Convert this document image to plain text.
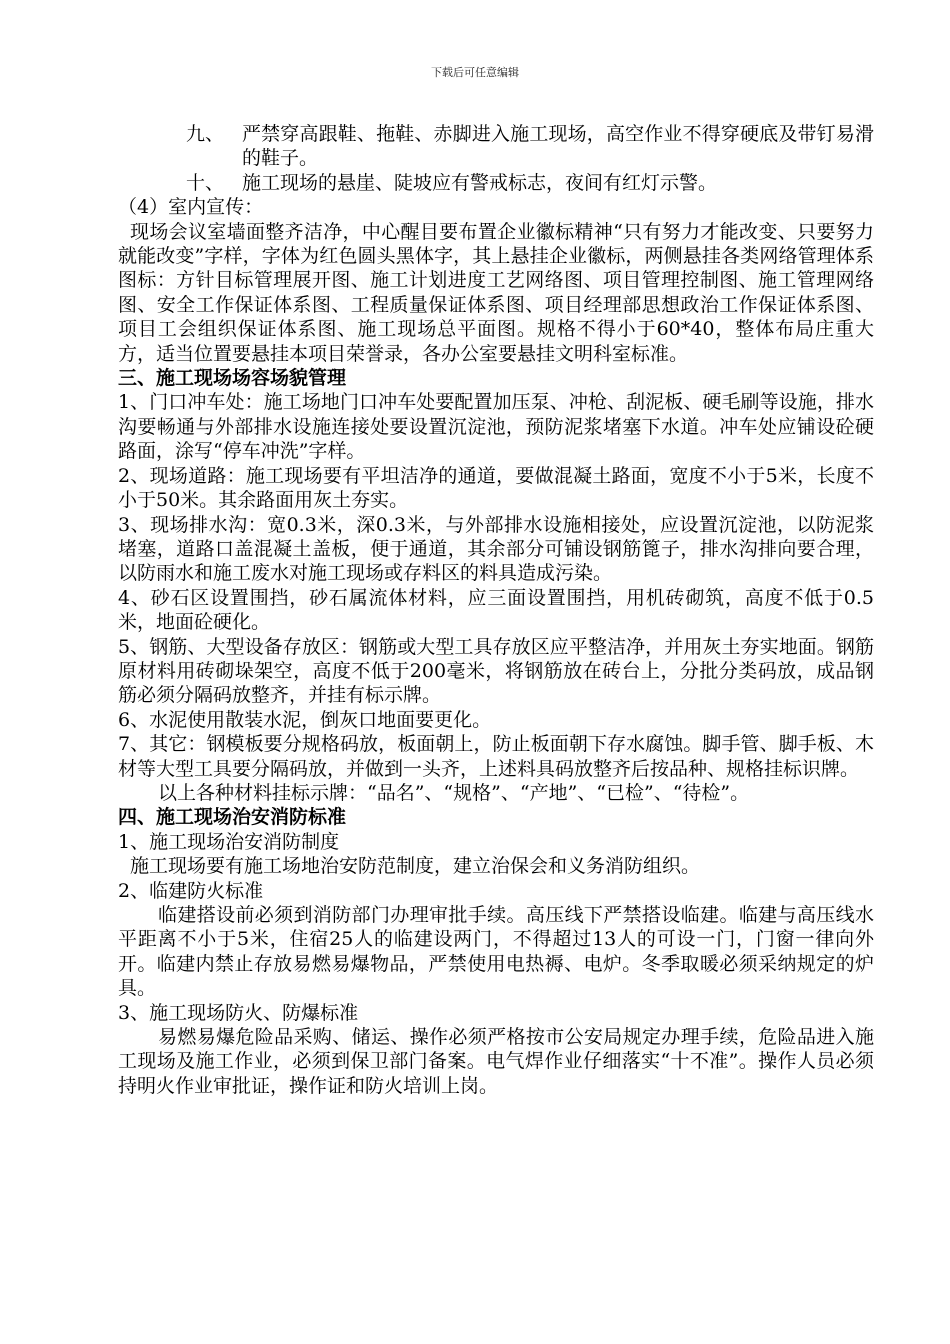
下载后可任意编辑
九、 严禁穿高跟鞋、拖鞋、赤脚进入施工现场，高空作业不得穿硬底及带钉易滑的鞋子。
十、 施工现场的悬崖、陡坡应有警戒标志，夜间有红灯示警。

（4）室内宣传：

现场会议室墙面整齐洁净，中心醒目要布置企业徽标精神“只有努力才能改变、只要努力就能改变”字样，字体为红色圆头黑体字，其上悬挂企业徽标，两侧悬挂各类网络管理体系图标：方针目标管理展开图、施工计划进度工艺网络图、项目管理控制图、施工管理网络图、安全工作保证体系图、工程质量保证体系图、项目经理部思想政治工作保证体系图、项目工会组织保证体系图、施工现场总平面图。规格不得小于60*40，整体布局庄重大方，适当位置要悬挂本项目荣誉录，各办公室要悬挂文明科室标准。

三、施工现场场容场貌管理

1、门口冲车处：施工场地门口冲车处要配置加压泵、冲枪、刮泥板、硬毛刷等设施，排水沟要畅通与外部排水设施连接处要设置沉淀池，预防泥浆堵塞下水道。冲车处应铺设砼硬路面，涂写“停车冲洗”字样。

2、现场道路：施工现场要有平坦洁净的通道，要做混凝土路面，宽度不小于5米，长度不小于50米。其余路面用灰土夯实。

3、现场排水沟：宽0.3米，深0.3米，与外部排水设施相接处，应设置沉淀池，以防泥浆堵塞，道路口盖混凝土盖板，便于通道，其余部分可铺设钢筋篦子，排水沟排向要合理，以防雨水和施工废水对施工现场或存料区的料具造成污染。

4、砂石区设置围挡，砂石属流体材料，应三面设置围挡，用机砖砌筑，高度不低于0.5米，地面砼硬化。

5、钢筋、大型设备存放区：钢筋或大型工具存放区应平整洁净，并用灰土夯实地面。钢筋原材料用砖砌垛架空，高度不低于200毫米，将钢筋放在砖台上，分批分类码放，成品钢筋必须分隔码放整齐，并挂有标示牌。

6、水泥使用散装水泥，倒灰口地面要更化。

7、其它：钢模板要分规格码放，板面朝上，防止板面朝下存水腐蚀。脚手管、脚手板、木材等大型工具要分隔码放，并做到一头齐，上述料具码放整齐后按品种、规格挂标识牌。

以上各种材料挂标示牌：“品名”、“规格”、“产地”、“已检”、“待检”。

四、施工现场治安消防标准

1、施工现场治安消防制度

施工现场要有施工场地治安防范制度，建立治保会和义务消防组织。

2、临建防火标准

临建搭设前必须到消防部门办理审批手续。高压线下严禁搭设临建。临建与高压线水平距离不小于5米，住宿25人的临建设两门，不得超过13人的可设一门，门窗一律向外开。临建内禁止存放易燃易爆物品，严禁使用电热褥、电炉。冬季取暖必须采纳规定的炉具。

3、施工现场防火、防爆标准

易燃易爆危险品采购、储运、操作必须严格按市公安局规定办理手续，危险品进入施工现场及施工作业，必须到保卫部门备案。电气焊作业仔细落实“十不准”。操作人员必须持明火作业审批证，操作证和防火培训上岗。
